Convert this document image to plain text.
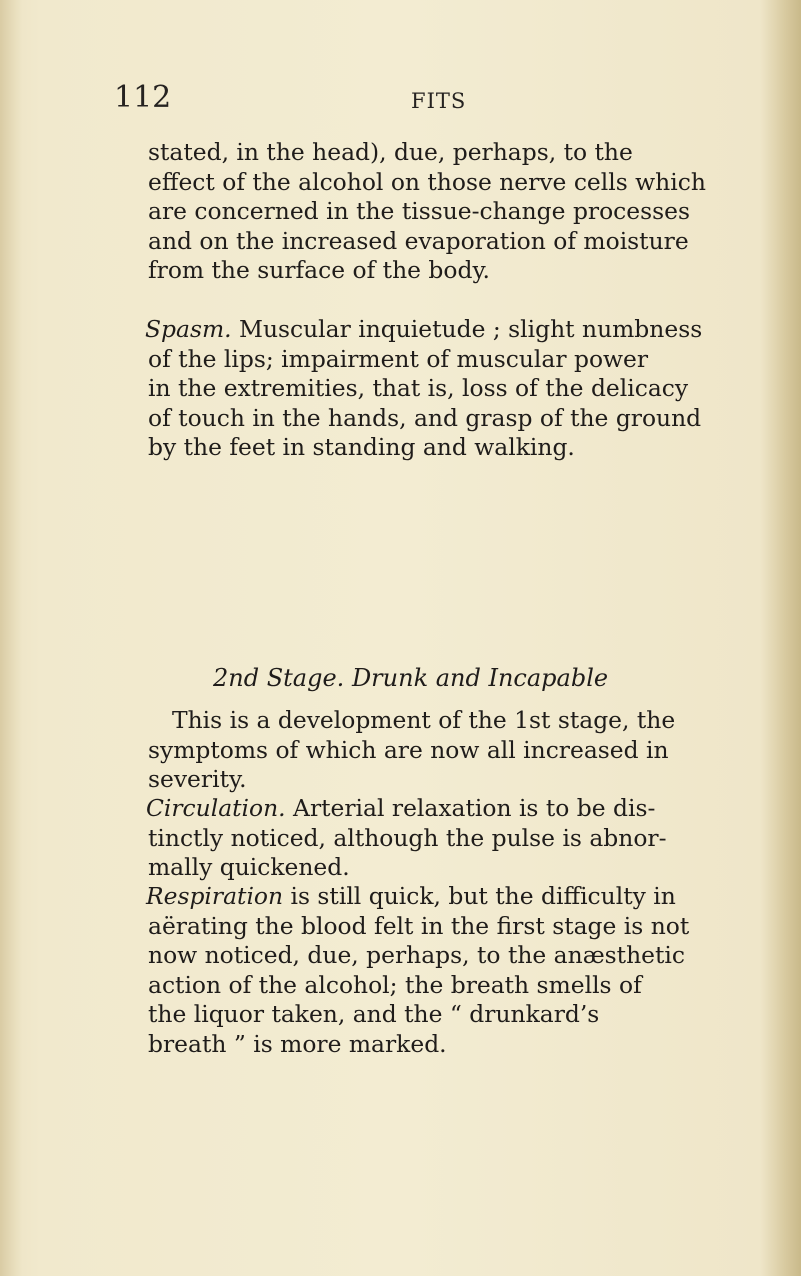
112	FITS
stated, in the head), due, perhaps, to the
effect of the alcohol on those nerve cells which
are concerned in the tissue-change processes
and on the increased evaporation of moisture
from the surface of the body.
Spasm. Muscular inquietude ; slight numbness
of the lips; impairment of muscular power
in the extremities, that is, loss of the delicacy
of touch in the hands, and grasp of the ground
by the feet in standing and walking.
2nd Stage. Drunk and Incapable
This is a development of the 1st stage, the
symptoms of which are now all increased in
severity.
Circulation. Arterial relaxation is to be dis-
tinctly noticed, although the pulse is abnor-
mally quickened.
Respiration is still quick, but the difficulty in
aërating the blood felt in the first stage is not
now noticed, due, perhaps, to the anæsthetic
action of the alcohol; the breath smells of
the liquor taken, and the “ drunkard’s
breath ” is more marked.
